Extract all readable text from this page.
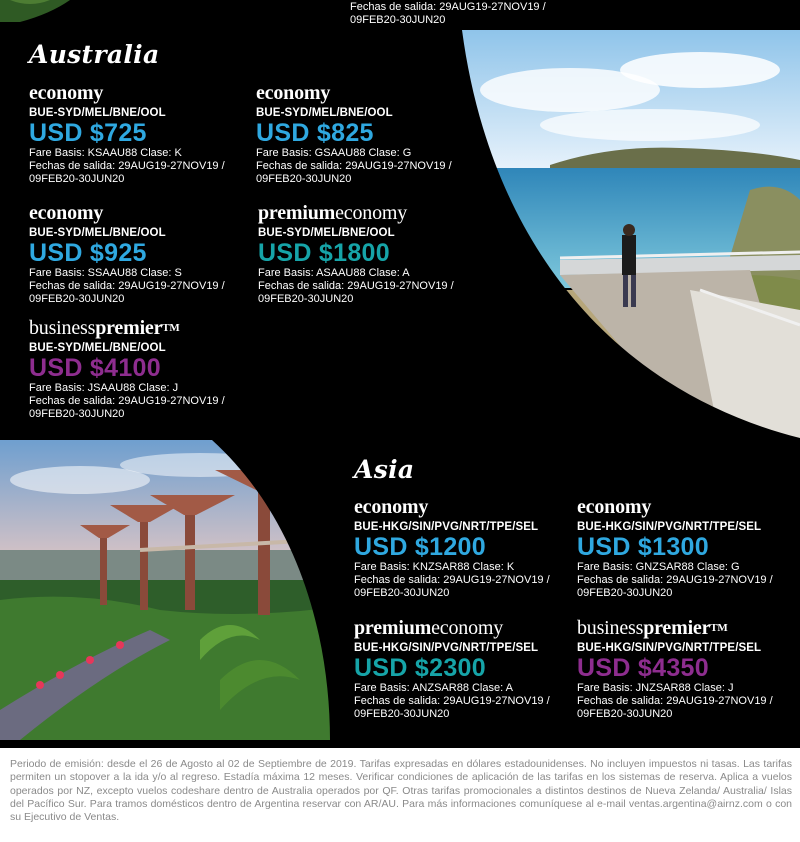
Fechas de salida: 29AUG19-27NOV19 /
09FEB20-30JUN20
Australia
economy
BUE-SYD/MEL/BNE/OOL
USD $725
Fare Basis: KSAAU88 Clase: K
Fechas de salida: 29AUG19-27NOV19 /
09FEB20-30JUN20
economy
BUE-SYD/MEL/BNE/OOL
USD $825
Fare Basis: GSAAU88 Clase: G
Fechas de salida: 29AUG19-27NOV19 /
09FEB20-30JUN20
economy
BUE-SYD/MEL/BNE/OOL
USD $925
Fare Basis: SSAAU88 Clase: S
Fechas de salida: 29AUG19-27NOV19 /
09FEB20-30JUN20
premiumeconomy
BUE-SYD/MEL/BNE/OOL
USD $1800
Fare Basis: ASAAU88 Clase: A
Fechas de salida: 29AUG19-27NOV19 /
09FEB20-30JUN20
businesspremier™
BUE-SYD/MEL/BNE/OOL
USD $4100
Fare Basis: JSAAU88 Clase: J
Fechas de salida: 29AUG19-27NOV19 /
09FEB20-30JUN20
Asia
economy
BUE-HKG/SIN/PVG/NRT/TPE/SEL
USD $1200
Fare Basis: KNZSAR88 Clase: K
Fechas de salida: 29AUG19-27NOV19 /
09FEB20-30JUN20
economy
BUE-HKG/SIN/PVG/NRT/TPE/SEL
USD $1300
Fare Basis: GNZSAR88 Clase: G
Fechas de salida: 29AUG19-27NOV19 /
09FEB20-30JUN20
premiumeconomy
BUE-HKG/SIN/PVG/NRT/TPE/SEL
USD $2300
Fare Basis: ANZSAR88 Clase: A
Fechas de salida: 29AUG19-27NOV19 /
09FEB20-30JUN20
businesspremier™
BUE-HKG/SIN/PVG/NRT/TPE/SEL
USD $4350
Fare Basis: JNZSAR88 Clase: J
Fechas de salida: 29AUG19-27NOV19 /
09FEB20-30JUN20
Periodo de emisión: desde el 26 de Agosto al 02 de Septiembre de 2019. Tarifas expresadas en dólares estadounidenses. No incluyen impuestos ni tasas. Las tarifas permiten un stopover a la ida y/o al regreso. Estadía máxima 12 meses. Verificar condiciones de aplicación de las tarifas en los sistemas de reserva. Aplica a vuelos operados por NZ, excepto vuelos codeshare dentro de Australia operados por QF. Otras tarifas promocionales a distintos destinos de Nueva Zelanda/ Australia/ Islas del Pacífico Sur. Para tramos domésticos dentro de Argentina reservar con AR/AU. Para más informaciones comuníquese al e-mail ventas.argentina@airnz.com o con su Ejecutivo de Ventas.
